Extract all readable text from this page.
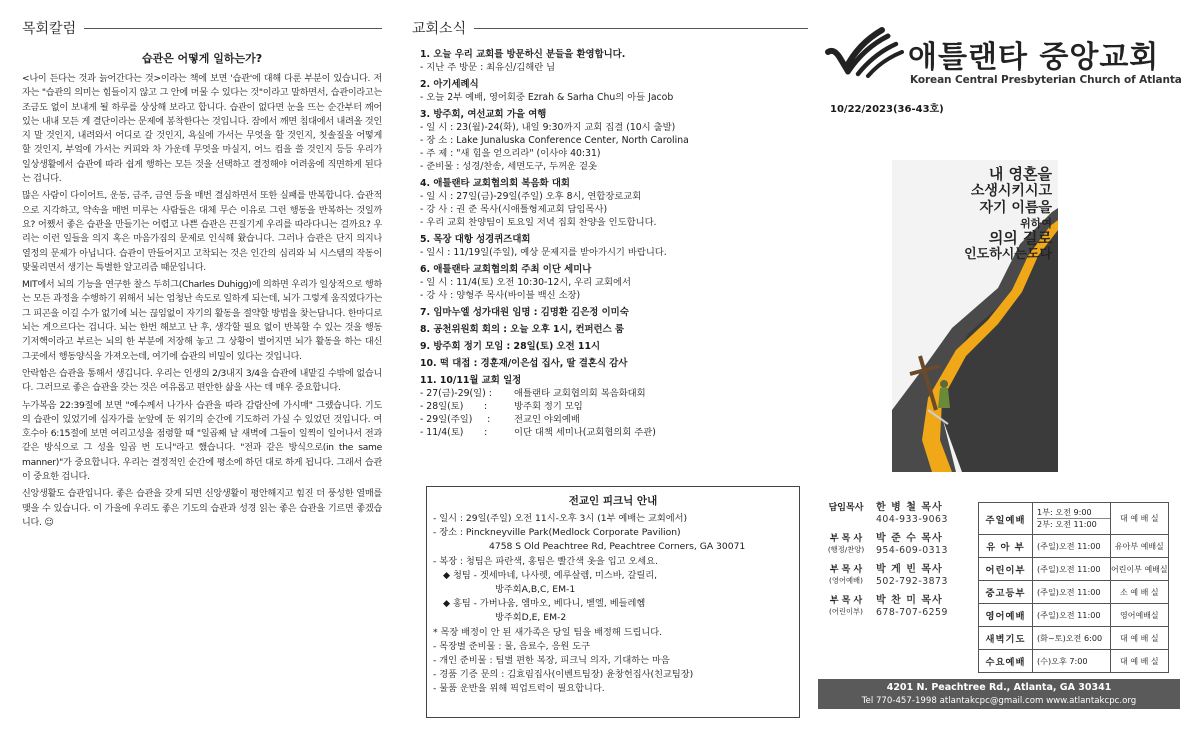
목회칼럼
습관은 어떻게 일하는가?

<나이 든다는 것과 늙어간다는 것>이라는 책에 보면 '습관'에 대해 다룬 부분이 있습니다. 저자는 "습관의 의미는 힘들이지 않고 그 안에 머물 수 있다는 것"이라고 말하면서, 습관이라고는 조금도 없이 보내게 될 하루를 상상해 보라고 합니다. 습관이 없다면 눈을 뜨는 순간부터 깨어 있는 내내 모든 게 결단이라는 문제에 봉착한다는 것입니다. 잠에서 깨면 침대에서 내려올 것인지 말 것인지, 내려와서 어디로 갈 것인지, 욕실에 가서는 무엇을 할 것인지, 칫솔질을 어떻게 할 것인지, 부엌에 가서는 커피와 차 가운데 무엇을 마실지, 어느 컵을 쓸 것인지 등등 우리가 일상생활에서 습관에 따라 쉽게 행하는 모든 것을 선택하고 결정해야 어려움에 직면하게 된다는 겁니다.

많은 사람이 다이어트, 운동, 금주, 금연 등을 매번 결심하면서 또한 실패를 반복합니다. 습관적으로 지각하고, 약속을 매번 미루는 사람들은 대체 무슨 이유로 그런 행동을 반복하는 것일까요? 어쨌서 좋은 습관을 만들기는 어렵고 나쁜 습관은 끈질기게 우리를 따라다니는 걸까요? 우리는 이런 일들을 의지 혹은 마음가짐의 문제로 인식해 왔습니다. 그러나 습관은 단지 의지나 열정의 문제가 아닙니다. 습관이 만들어지고 고착되는 것은 인간의 심리와 뇌 시스템의 작동이 맞물리면서 생기는 특별한 알고리즘 때문입니다.

MIT에서 뇌의 기능을 연구한 찰스 두히그(Charles Duhigg)에 의하면 우리가 일상적으로 행하는 모든 과정을 수행하기 위해서 뇌는 엄청난 속도로 일하게 되는데, 뇌가 그렇게 움직였다가는 그 피곤을 이길 수가 없기에 뇌는 끊임없이 자기의 활동을 절약할 방법을 찾는답니다. 한마디로 뇌는 게으르다는 겁니다. 뇌는 한번 해보고 난 후, 생각할 필요 없이 반복할 수 있는 것을 행동 기저핵이라고 부르는 뇌의 한 부분에 저장해 놓고 그 상황이 벌어지면 뇌가 활동을 하는 대신 그곳에서 행동양식을 가져오는데, 여기에 습관의 비밀이 있다는 것입니다.

안락함은 습관을 통해서 생깁니다. 우리는 인생의 2/3내지 3/4을 습관에 내맡길 수밖에 없습니다. 그러므로 좋은 습관을 갖는 것은 여유롭고 편안한 삶을 사는 데 매우 중요합니다.

누가복음 22:39절에 보면 "예수께서 나가사 습관을 따라 감람산에 가시매" 그랬습니다. 기도의 습관이 있었기에 십자가를 눈앞에 둔 위기의 순간에 기도하러 가실 수 있었던 것입니다. 여호수아 6:15절에 보면 여리고성을 점령할 때 "일곱째 날 새벽에 그들이 일찍이 일어나서 전과 같은 방식으로 그 성을 일곱 번 도니"라고 했습니다. "전과 같은 방식으로(in the same manner)"가 중요합니다. 우리는 결정적인 순간에 평소에 하던 대로 하게 됩니다. 그래서 습관이 중요한 겁니다.

신앙생활도 습관입니다. 좋은 습관을 갖게 되면 신앙생활이 평안해지고 힘진 더 풍성한 열매를 맺을 수 있습니다. 이 가을에 우리도 좋은 기도의 습관과 성경 읽는 좋은 습관을 기르면 좋겠습니다. ☺

교회소식
1. 오늘 우리 교회를 방문하신 분들을 환영합니다.
- 지난 주 방문 : 최유신/김해란 님
2. 아기세례식
- 오늘 2부 예배, 영어회중 Ezrah & Sarha Chu의 아들 Jacob
3. 방주회, 여선교회 가을 여행
- 일 시 : 23(월)-24(화), 내일 9:30까지 교회 집결 (10시 출발)
- 장 소 : Lake Junaluska Conference Center, North Carolina
- 주 제 : "새 힘을 얻으리라" (이사야 40:31)
- 준비물 : 성경/찬송, 세면도구, 두꺼운 겉옷
4. 애틀랜타 교회협의회 복음화 대회
- 일 시 : 27일(금)-29일(주일) 오후 8시, 연합장로교회
- 강 사 : 권 준 목사(시애틀형제교회 담임목사)
- 우리 교회 찬양팀이 토요일 저녁 집회 찬양을 인도합니다.
5. 목장 대항 성경퀴즈대회
- 일시 : 11/19일(주일), 예상 문제지를 받아가시기 바랍니다.
6. 애틀랜타 교회협의회 주최 이단 세미나
- 일 시 : 11/4(토) 오전 10:30-12시, 우리 교회에서
- 강 사 : 양형주 목사(바이블 백신 소장)
7. 임마누엘 성가대원 임명 : 김명환 김은정 이미숙
8. 공천위원회 회의 : 오늘 오후 1시, 컨퍼런스 룸
9. 방주회 정기 모임 : 28일(토) 오전 11시
10. 떡 대접 : 경훈재/이은섭 집사, 딸 결혼식 감사
11. 10/11월 교회 일정
- 27(금)-29(일) :	애틀랜타 교회협의회 복음화대회
- 28일(토)       :	방주회 정기 모임
- 29일(주일)     :	전교인 야외예배
- 11/4(토)       :	이단 대책 세미나(교회협의회 주관)
전교인 피크닉 안내
- 일시 : 29일(주일) 오전 11시-오후 3시 (1부 예배는 교회에서)
- 장소 : Pinckneyville Park(Medlock Corporate Pavilion)
4758 S Old Peachtree Rd, Peachtree Corners, GA 30071
- 복장 : 청팀은 파란색, 홍팀은 빨간색 옷을 입고 오세요.
◆ 청팀 - 겟세마네, 나사렛, 예루살렘, 미스바, 갈릴리,
방주회A,B,C, EM-1
◆ 홍팀 - 가버나움, 엠마오, 베다니, 벧엘, 베들레헴
방주회D,E, EM-2
* 목장 배정이 안 된 새가족은 당일 팀을 배정해 드립니다.
- 목장별 준비물 : 물, 음료수, 응원 도구
- 개인 준비물 : 팀별 편한 복장, 피크닉 의자, 기대하는 마음
- 경품 기증 문의 : 김효림집사(이벤트팀장) 윤창헌집사(친교팀장)
- 물품 운반을 위해 픽업트럭이 필요합니다.
애틀랜타 중앙교회
Korean Central Presbyterian Church of Atlanta
10/22/2023(36-43호)
내 영혼을
소생시키시고
자기 이름을
위하여
의의 길로
인도하시는도다
담임목사	한 병 철 목사
404-933-9063
부 목 사
(행정/찬양)
박 준 수 목사
954-609-0313
부 목 사
(영어예배)
박 게 빈 목사
502-792-3873
부 목 사
(어린이부)
박 찬 미 목사
678-707-6259
주일예배	1부: 오전 9:00
2부: 오전 11:00	대 예 배 실
유 아 부	(주일)오전 11:00	유아부 예배실
어린이부	(주일)오전 11:00	어린이부 예배실
중고등부	(주일)오전 11:00	소 예 배 실
영어예배	(주일)오전 11:00	영어예배실
새벽기도	(화~토)오전 6:00	대 예 배 실
수요예배	(수)오후 7:00	대 예 배 실
4201 N. Peachtree Rd., Atlanta, GA 30341
Tel 770-457-1998 atlantakcpc@gmail.com www.atlantakcpc.org
